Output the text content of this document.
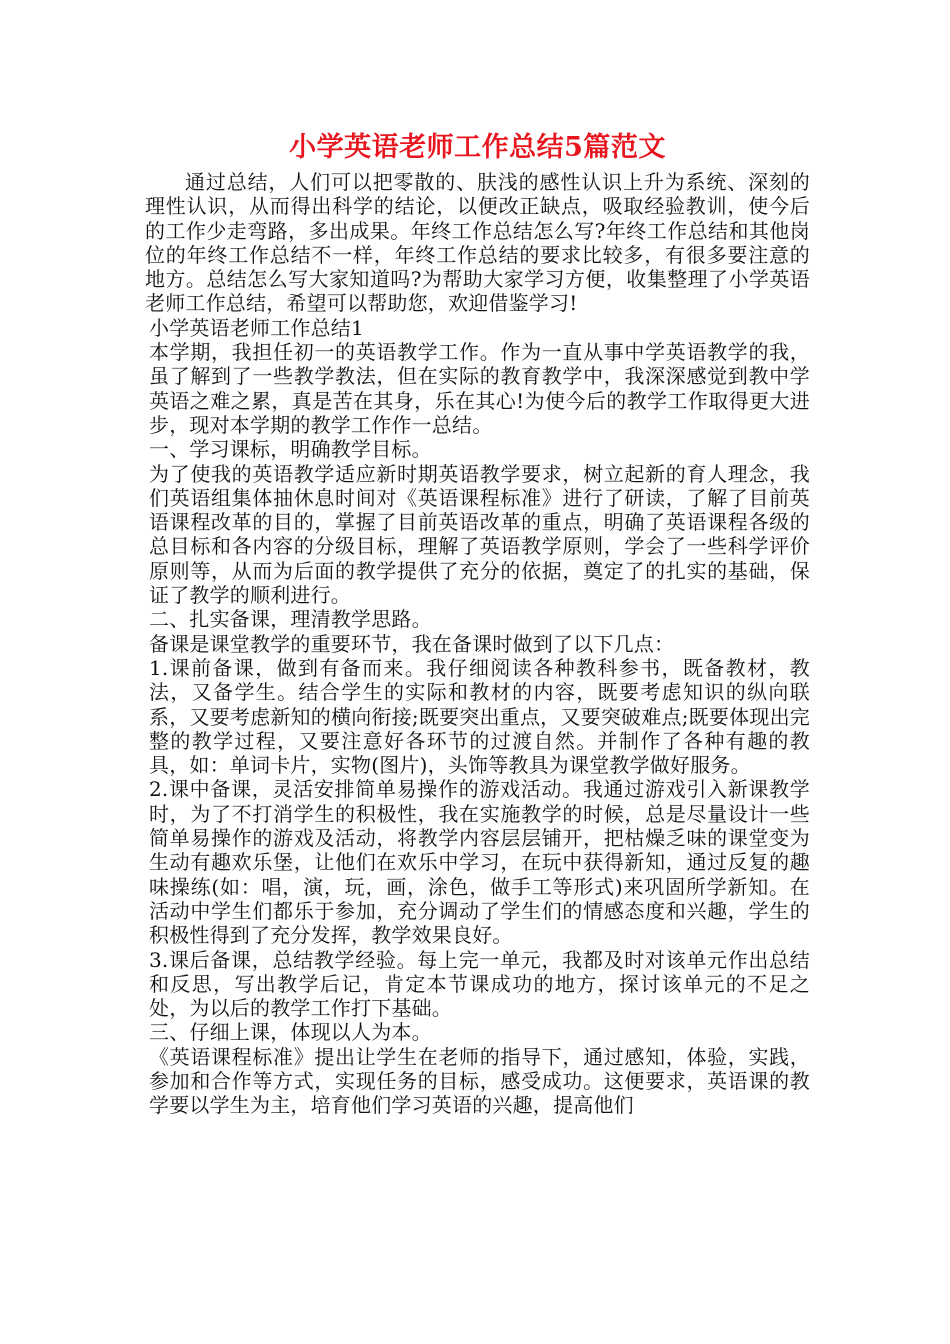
小学英语老师工作总结5篇范文

通过总结，人们可以把零散的、肤浅的感性认识上升为系统、深刻的理性认识，从而得出科学的结论，以便改正缺点，吸取经验教训，使今后的工作少走弯路，多出成果。年终工作总结怎么写?年终工作总结和其他岗位的年终工作总结不一样，年终工作总结的要求比较多，有很多要注意的地方。总结怎么写大家知道吗?为帮助大家学习方便，收集整理了小学英语老师工作总结，希望可以帮助您，欢迎借鉴学习!

小学英语老师工作总结1

本学期，我担任初一的英语教学工作。作为一直从事中学英语教学的我，虽了解到了一些教学教法，但在实际的教育教学中，我深深感觉到教中学英语之难之累，真是苦在其身，乐在其心!为使今后的教学工作取得更大进步，现对本学期的教学工作作一总结。

一、学习课标，明确教学目标。

为了使我的英语教学适应新时期英语教学要求，树立起新的育人理念，我们英语组集体抽休息时间对《英语课程标准》进行了研读，了解了目前英语课程改革的目的，掌握了目前英语改革的重点，明确了英语课程各级的总目标和各内容的分级目标，理解了英语教学原则，学会了一些科学评价原则等，从而为后面的教学提供了充分的依据，奠定了的扎实的基础，保证了教学的顺利进行。

二、扎实备课，理清教学思路。

备课是课堂教学的重要环节，我在备课时做到了以下几点：

1.课前备课，做到有备而来。我仔细阅读各种教科参书，既备教材，教法，又备学生。结合学生的实际和教材的内容，既要考虑知识的纵向联系，又要考虑新知的横向衔接;既要突出重点，又要突破难点;既要体现出完整的教学过程，又要注意好各环节的过渡自然。并制作了各种有趣的教具，如：单词卡片，实物(图片)，头饰等教具为课堂教学做好服务。

2.课中备课，灵活安排简单易操作的游戏活动。我通过游戏引入新课教学时，为了不打消学生的积极性，我在实施教学的时候，总是尽量设计一些简单易操作的游戏及活动，将教学内容层层铺开，把枯燥乏味的课堂变为生动有趣欢乐堡，让他们在欢乐中学习，在玩中获得新知，通过反复的趣味操练(如：唱，演，玩，画，涂色，做手工等形式)来巩固所学新知。在活动中学生们都乐于参加，充分调动了学生们的情感态度和兴趣，学生的积极性得到了充分发挥，教学效果良好。

3.课后备课，总结教学经验。每上完一单元，我都及时对该单元作出总结和反思，写出教学后记，肯定本节课成功的地方，探讨该单元的不足之处，为以后的教学工作打下基础。

三、仔细上课，体现以人为本。

《英语课程标准》提出让学生在老师的指导下，通过感知，体验，实践，参加和合作等方式，实现任务的目标，感受成功。这便要求，英语课的教学要以学生为主，培育他们学习英语的兴趣，提高他们
